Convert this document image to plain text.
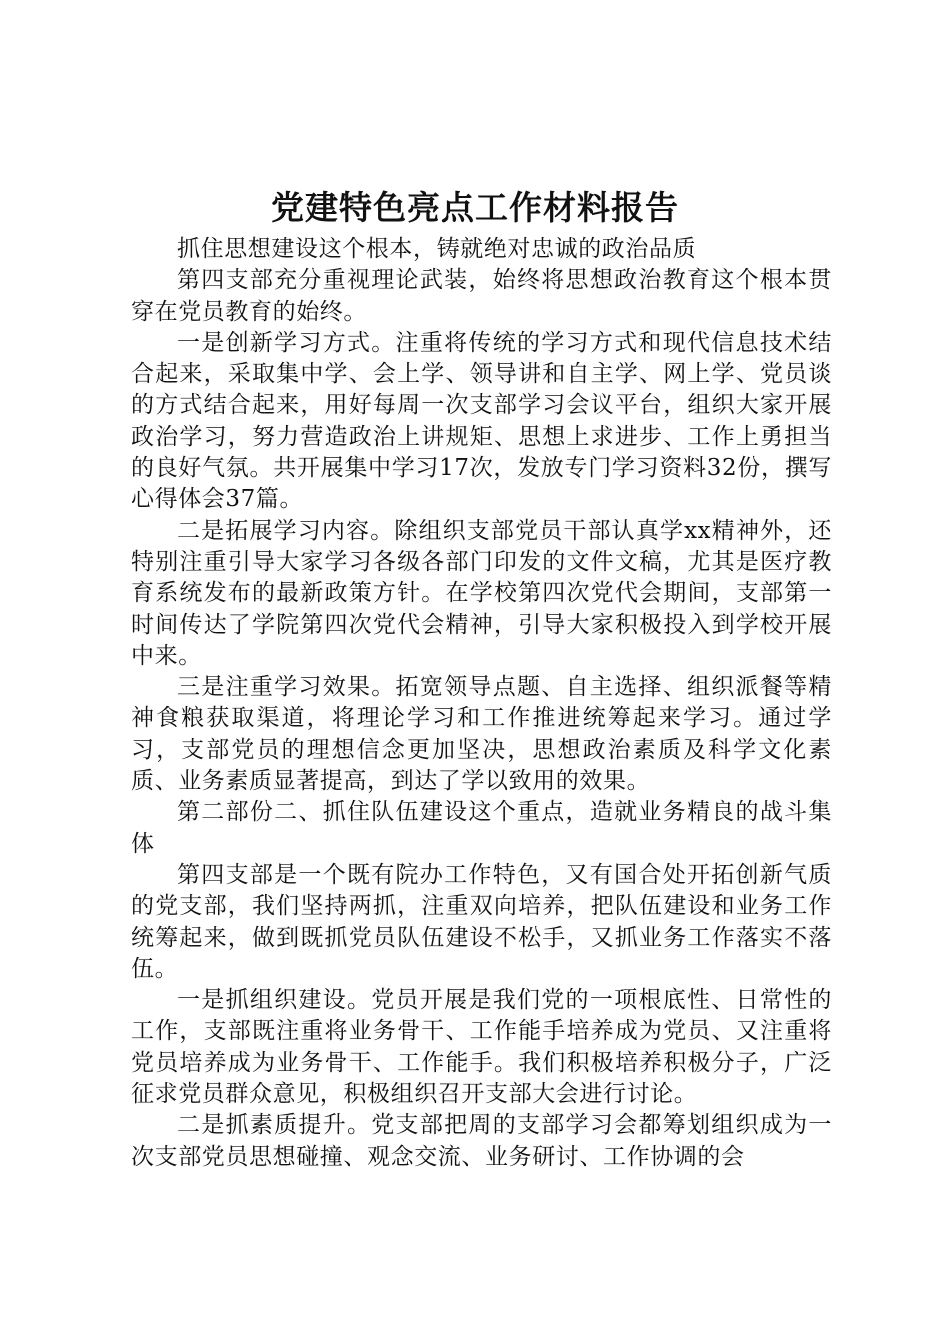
党建特色亮点工作材料报告

抓住思想建设这个根本，铸就绝对忠诚的政治品质

第四支部充分重视理论武装，始终将思想政治教育这个根本贯穿在党员教育的始终。

一是创新学习方式。注重将传统的学习方式和现代信息技术结合起来，采取集中学、会上学、领导讲和自主学、网上学、党员谈的方式结合起来，用好每周一次支部学习会议平台，组织大家开展政治学习，努力营造政治上讲规矩、思想上求进步、工作上勇担当的良好气氛。共开展集中学习17次，发放专门学习资料32份，撰写心得体会37篇。

二是拓展学习内容。除组织支部党员干部认真学xx精神外，还特别注重引导大家学习各级各部门印发的文件文稿，尤其是医疗教育系统发布的最新政策方针。在学校第四次党代会期间，支部第一时间传达了学院第四次党代会精神，引导大家积极投入到学校开展中来。

三是注重学习效果。拓宽领导点题、自主选择、组织派餐等精神食粮获取渠道，将理论学习和工作推进统筹起来学习。通过学习，支部党员的理想信念更加坚决，思想政治素质及科学文化素质、业务素质显著提高，到达了学以致用的效果。

第二部份二、抓住队伍建设这个重点，造就业务精良的战斗集体

第四支部是一个既有院办工作特色，又有国合处开拓创新气质的党支部，我们坚持两抓，注重双向培养，把队伍建设和业务工作统筹起来，做到既抓党员队伍建设不松手，又抓业务工作落实不落伍。

一是抓组织建设。党员开展是我们党的一项根底性、日常性的工作，支部既注重将业务骨干、工作能手培养成为党员、又注重将党员培养成为业务骨干、工作能手。我们积极培养积极分子，广泛征求党员群众意见，积极组织召开支部大会进行讨论。

二是抓素质提升。党支部把周的支部学习会都筹划组织成为一次支部党员思想碰撞、观念交流、业务研讨、工作协调的会
